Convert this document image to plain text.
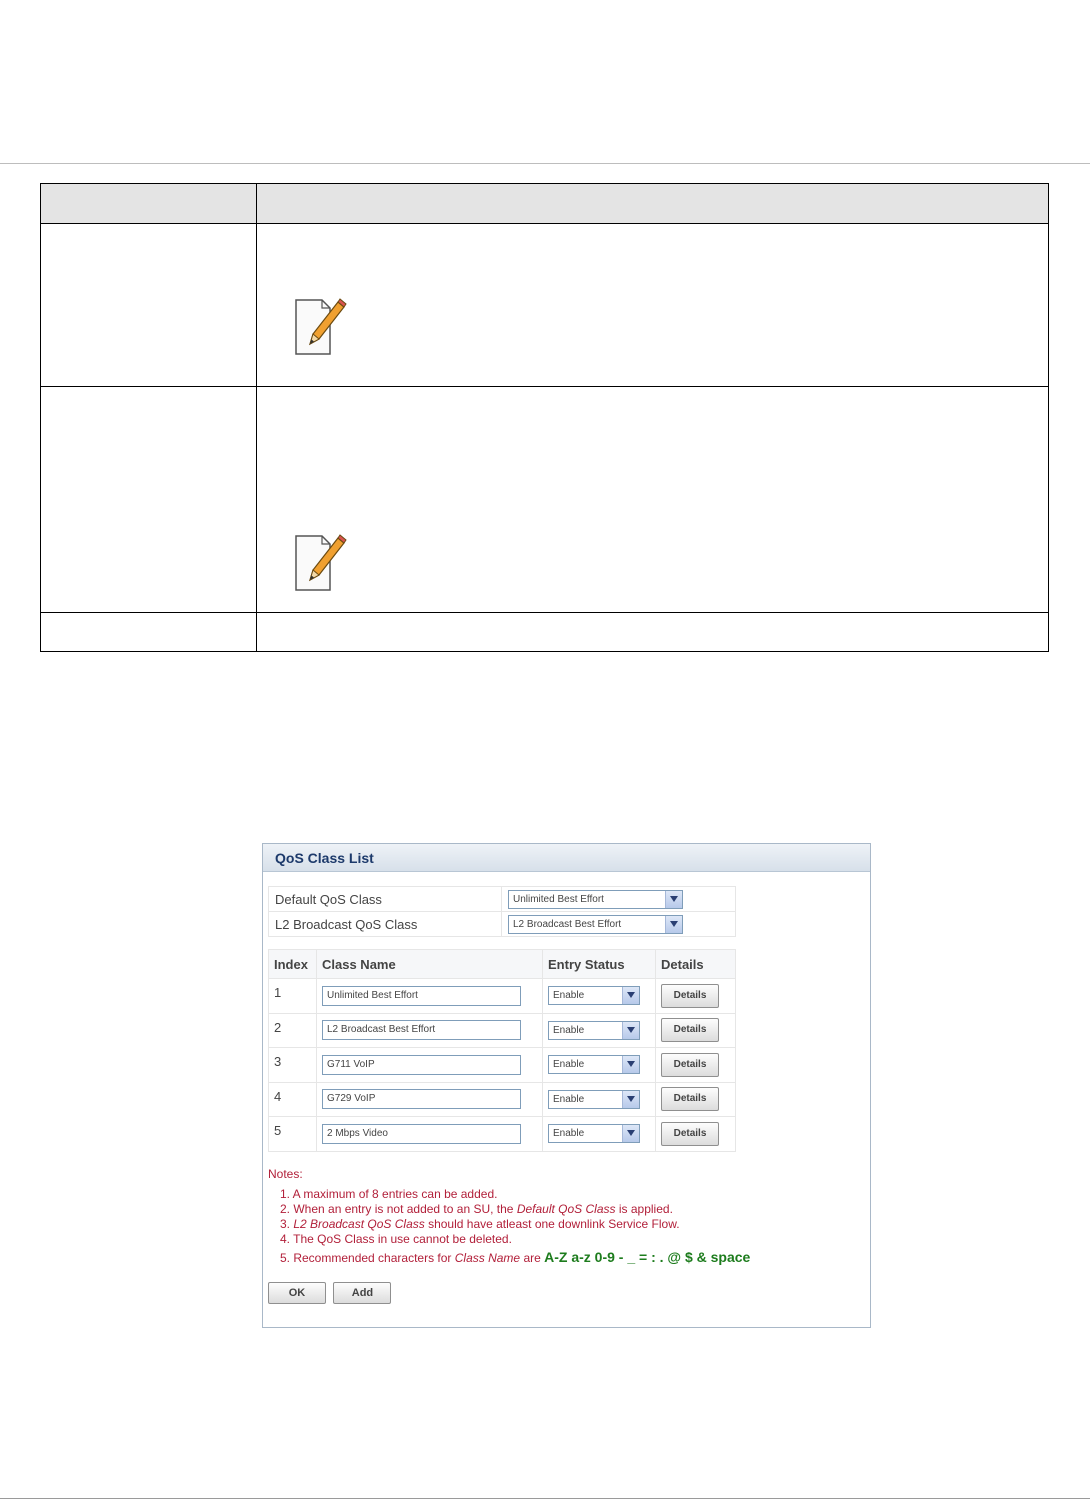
QoS Class List
Default QoS Class	Unlimited Best Effort

L2 Broadcast QoS Class	L2 Broadcast Best Effort
Index	Class Name	Entry Status	Details
1	Unlimited Best Effort	Enable	Details
2	L2 Broadcast Best Effort	Enable	Details
3	G711 VoIP	Enable	Details
4	G729 VoIP	Enable	Details
5	2 Mbps Video	Enable	Details
Notes:
1. A maximum of 8 entries can be added.
2. When an entry is not added to an SU, the Default QoS Class is applied.
3. L2 Broadcast QoS Class should have atleast one downlink Service Flow.
4. The QoS Class in use cannot be deleted.
5. Recommended characters for Class Name are A-Z a-z 0-9 - _ = : . @ $ & space
OK	Add
